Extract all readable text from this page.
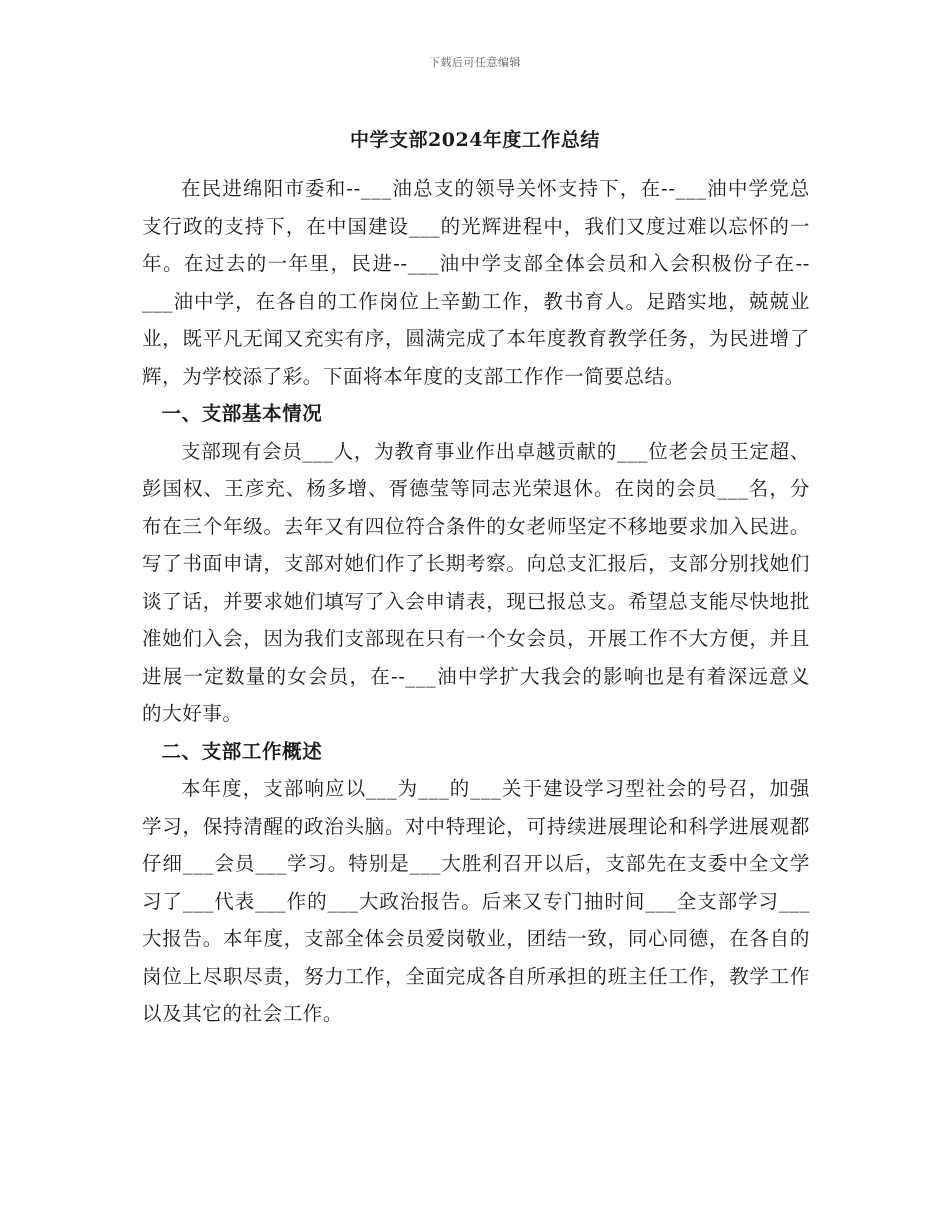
下载后可任意编辑
中学支部2024年度工作总结

在民进绵阳市委和--___油总支的领导关怀支持下，在--___油中学党总支行政的支持下，在中国建设___的光辉进程中，我们又度过难以忘怀的一年。在过去的一年里，民进--___油中学支部全体会员和入会积极份子在--___油中学，在各自的工作岗位上辛勤工作，教书育人。足踏实地，兢兢业业，既平凡无闻又充实有序，圆满完成了本年度教育教学任务，为民进增了辉，为学校添了彩。下面将本年度的支部工作作一简要总结。

一、支部基本情况

支部现有会员___人，为教育事业作出卓越贡献的___位老会员王定超、彭国权、王彦充、杨多增、胥德莹等同志光荣退休。在岗的会员___名，分布在三个年级。去年又有四位符合条件的女老师坚定不移地要求加入民进。写了书面申请，支部对她们作了长期考察。向总支汇报后，支部分别找她们谈了话，并要求她们填写了入会申请表，现已报总支。希望总支能尽快地批准她们入会，因为我们支部现在只有一个女会员，开展工作不大方便，并且进展一定数量的女会员，在--___油中学扩大我会的影响也是有着深远意义的大好事。

二、支部工作概述

本年度，支部响应以___为___的___关于建设学习型社会的号召，加强学习，保持清醒的政治头脑。对中特理论，可持续进展理论和科学进展观都仔细___会员___学习。特别是___大胜利召开以后，支部先在支委中全文学习了___代表___作的___大政治报告。后来又专门抽时间___全支部学习___大报告。本年度，支部全体会员爱岗敬业，团结一致，同心同德，在各自的岗位上尽职尽责，努力工作，全面完成各自所承担的班主任工作，教学工作以及其它的社会工作。
